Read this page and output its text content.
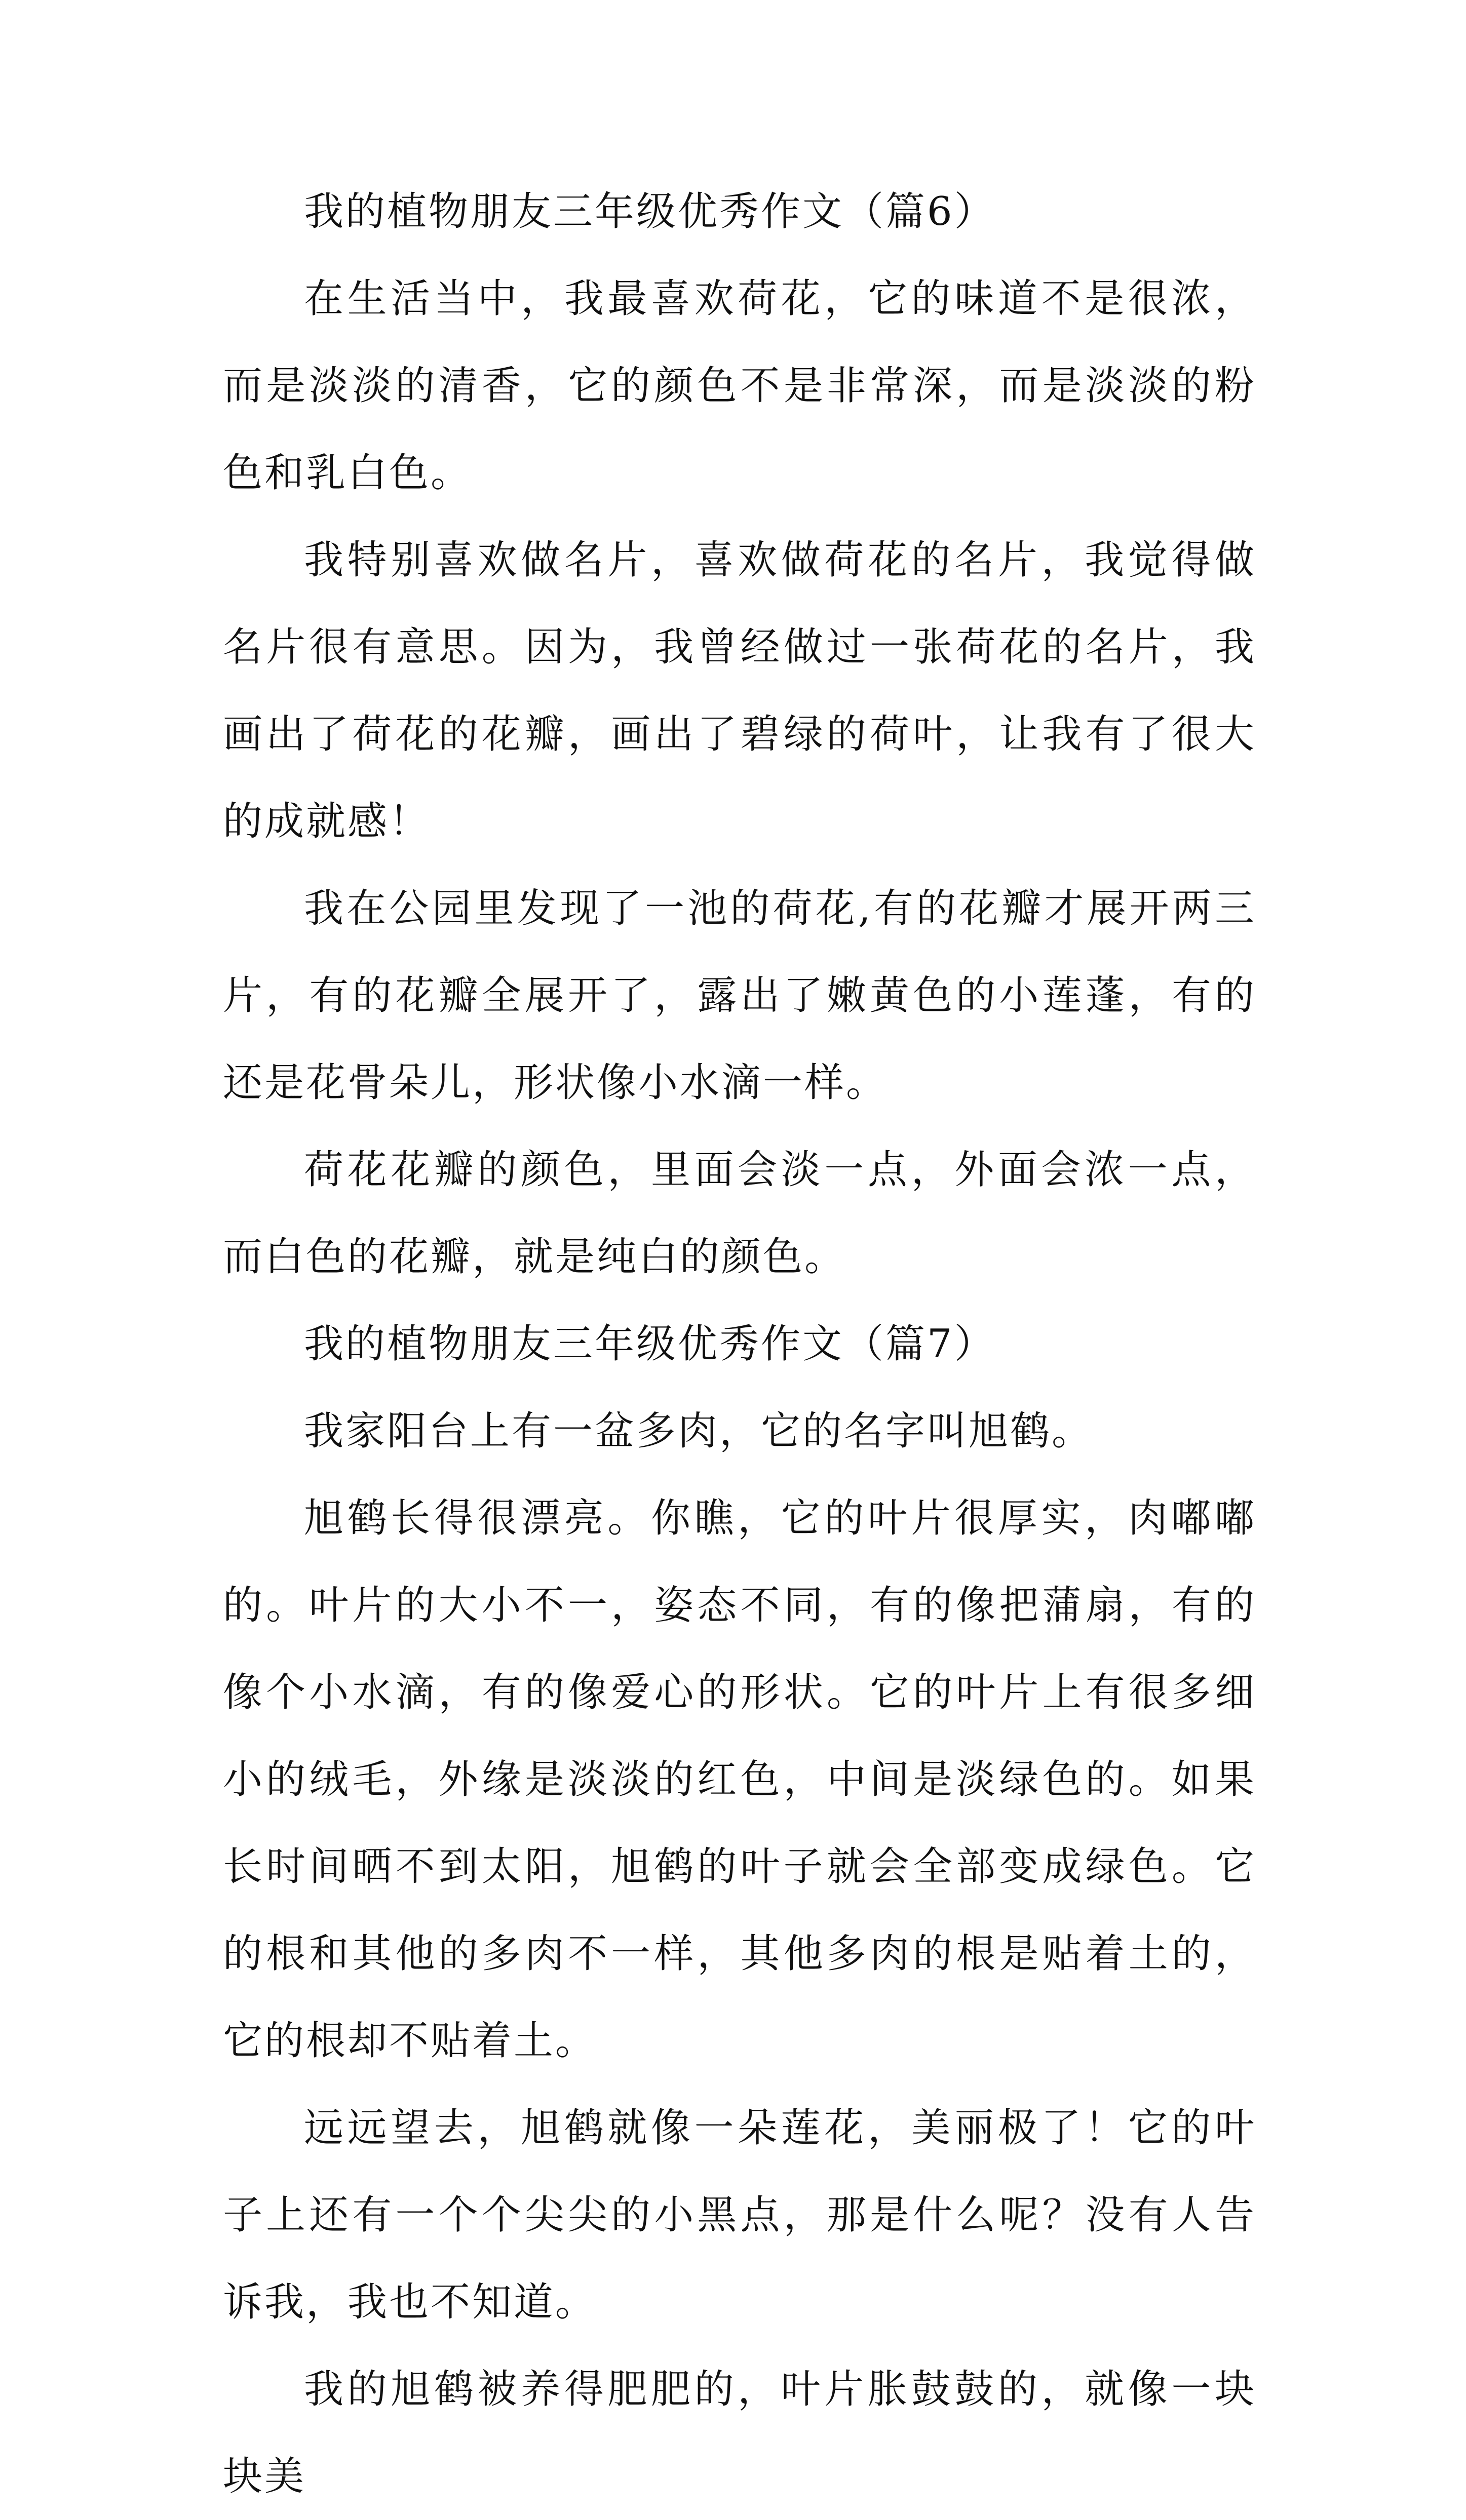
我的植物朋友三年级优秀作文（篇6）

在生活当中，我最喜欢荷花，它的味道不是很浓，而是淡淡的清香，它的颜色不是非常深，而是淡淡的粉色和乳白色。

我特别喜欢做名片，喜欢做荷花的名片，我觉得做名片很有意思。因为，我曾经做过一张荷花的名片，我画出了荷花的花瓣，画出了碧绿的荷叶，让我有了很大的成就感！

我在公园里发现了一池的荷花,有的花瓣才展开两三片，有的花瓣全展开了，露出了嫩黄色的小莲蓬，有的还是花骨朵儿，形状像小水滴一样。

荷花花瓣的颜色，里面会淡一点，外面会浓一点，而白色的花瓣，就是纯白的颜色。

我的植物朋友三年级优秀作文（篇7）

我家阳台上有一盆多肉，它的名字叫旭鹤。

旭鹤长得很漂亮。你瞧，它的叶片很厚实，肉嘟嘟的。叶片的大小不一，姿态不同，有的像把蒲扇，有的像个小水滴，有的像爱心的形状。它的叶片上有很多细小的绒毛，外缘是淡淡的红色，中间是淡绿色的。如果长时间晒不到太阳，旭鹤的叶子就会全部变成绿色。它的根和其他的多肉不一样，其他多肉的根是贴着土的，它的根却不贴着土。

远远望去，旭鹤就像一朵莲花，美丽极了！它的叶子上还有一个个尖尖的小黑点，那是什么呢？没有人告诉我，我也不知道。

我的旭鹤被养得肥肥的，叶片胀鼓鼓的，就像一块块美
